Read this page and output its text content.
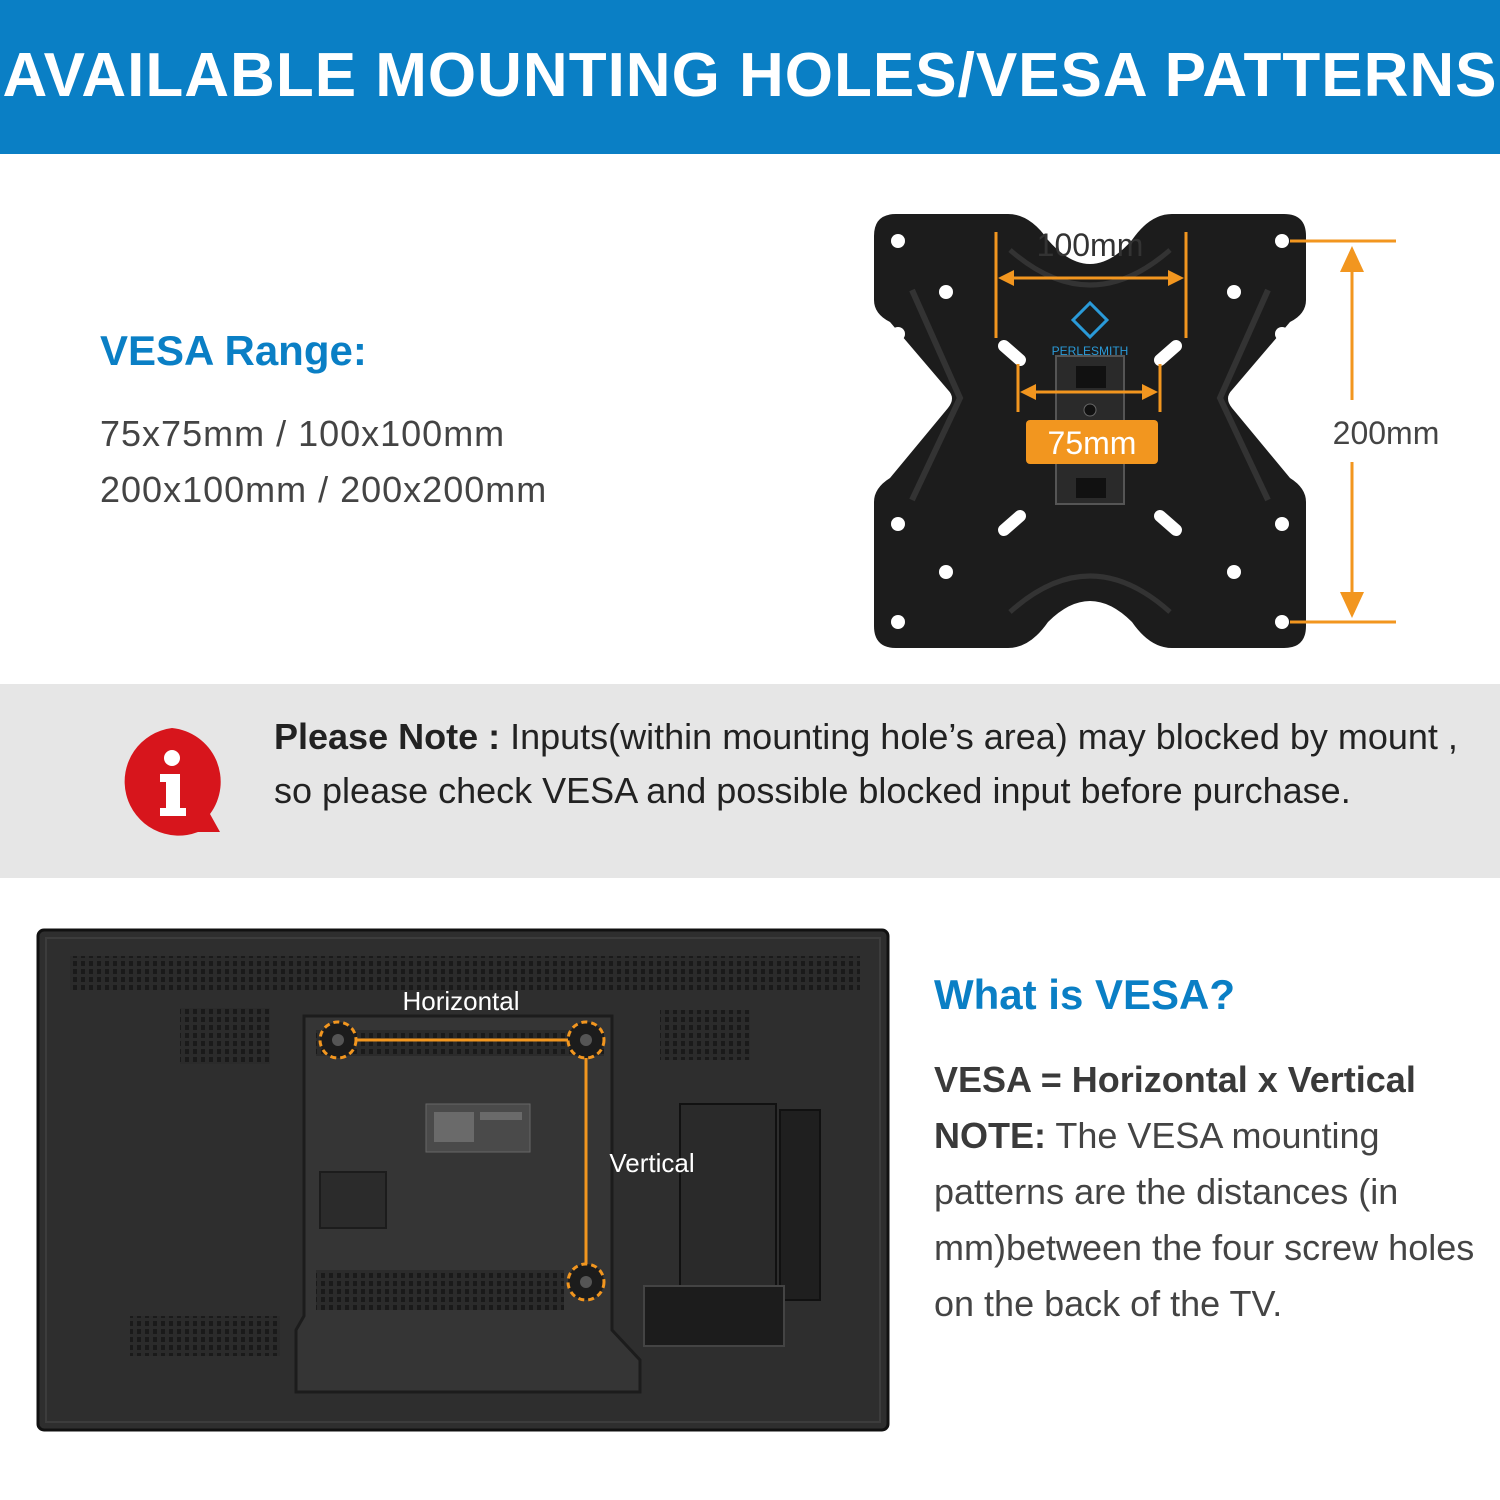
AVAILABLE MOUNTING HOLES/VESA PATTERNS
VESA Range:
75x75mm / 100x100mm
200x100mm / 200x200mm
PERLESMITH
100mm
75mm	200mm
Please Note : Inputs(within mounting hole’s area) may blocked by mount , so please check VESA and possible blocked input before purchase.
Horizontal
Vertical
What is VESA?
VESA = Horizontal x Vertical
NOTE: The VESA mounting patterns are the distances (in mm)between the four screw holes on the back of the TV.
